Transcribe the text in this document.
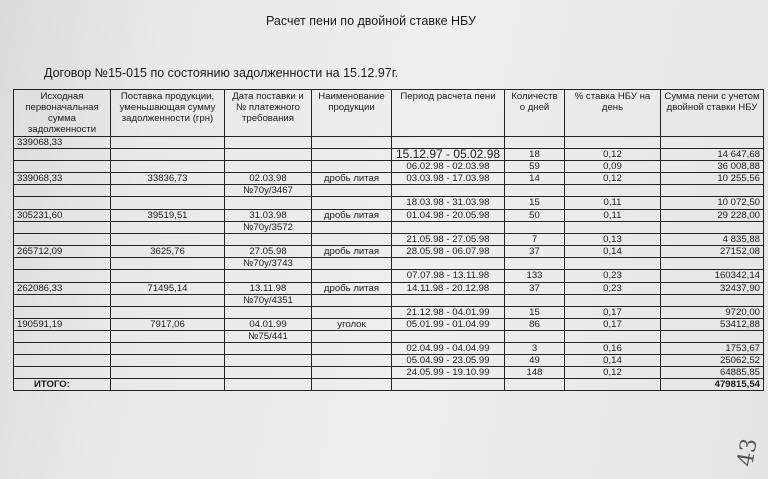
Расчет пени по двойной ставке НБУ
Договор №15-015 по состоянию задолженности на 15.12.97г.
Исходная первоначальная сумма задолженности	Поставка продукции, уменьшающая сумму задолженности (грн)	Дата поставки и № платежного требования	Наименование продукции	Период расчета пени	Количеств о дней	% ставка НБУ на день	Сумма пени с учетом двойной ставки НБУ
339068,33							
				15.12.97 - 05.02.98	18	0,12	14 647,68
				06.02.98 - 02.03.98	59	0,09	36 008,88
339068,33	33836,73	02.03.98	дробь литая	03.03.98 - 17.03.98	14	0,12	10 255,56
		№70у/3467					
				18.03.98 - 31.03.98	15	0,11	10 072,50
305231,60	39519,51	31.03.98	дробь литая	01.04.98 - 20.05.98	50	0,11	29 228,00
		№70у/3572					
				21.05.98 - 27.05.98	7	0,13	4 835,88
265712,09	3625,76	27.05.98	дробь литая	28.05.98 - 06.07.98	37	0,14	27152,08
		№70у/3743					
				07.07.98 - 13.11.98	133	0,23	160342,14
262086,33	71495,14	13.11.98	дробь литая	14.11.98 - 20.12.98	37	0,23	32437,90
		№70у/4351					
				21.12.98 - 04.01.99	15	0,17	9720,00
190591,19	7917,06	04.01.99	уголок	05.01.99 - 01.04.99	86	0,17	53412,88
		№75/441					
				02.04.99 - 04.04.99	3	0,16	1753,67
				05.04.99 - 23.05.99	49	0,14	25062,52
				24.05.99 - 19.10.99	148	0,12	64885,85
ИТОГО:							479815,54
43
